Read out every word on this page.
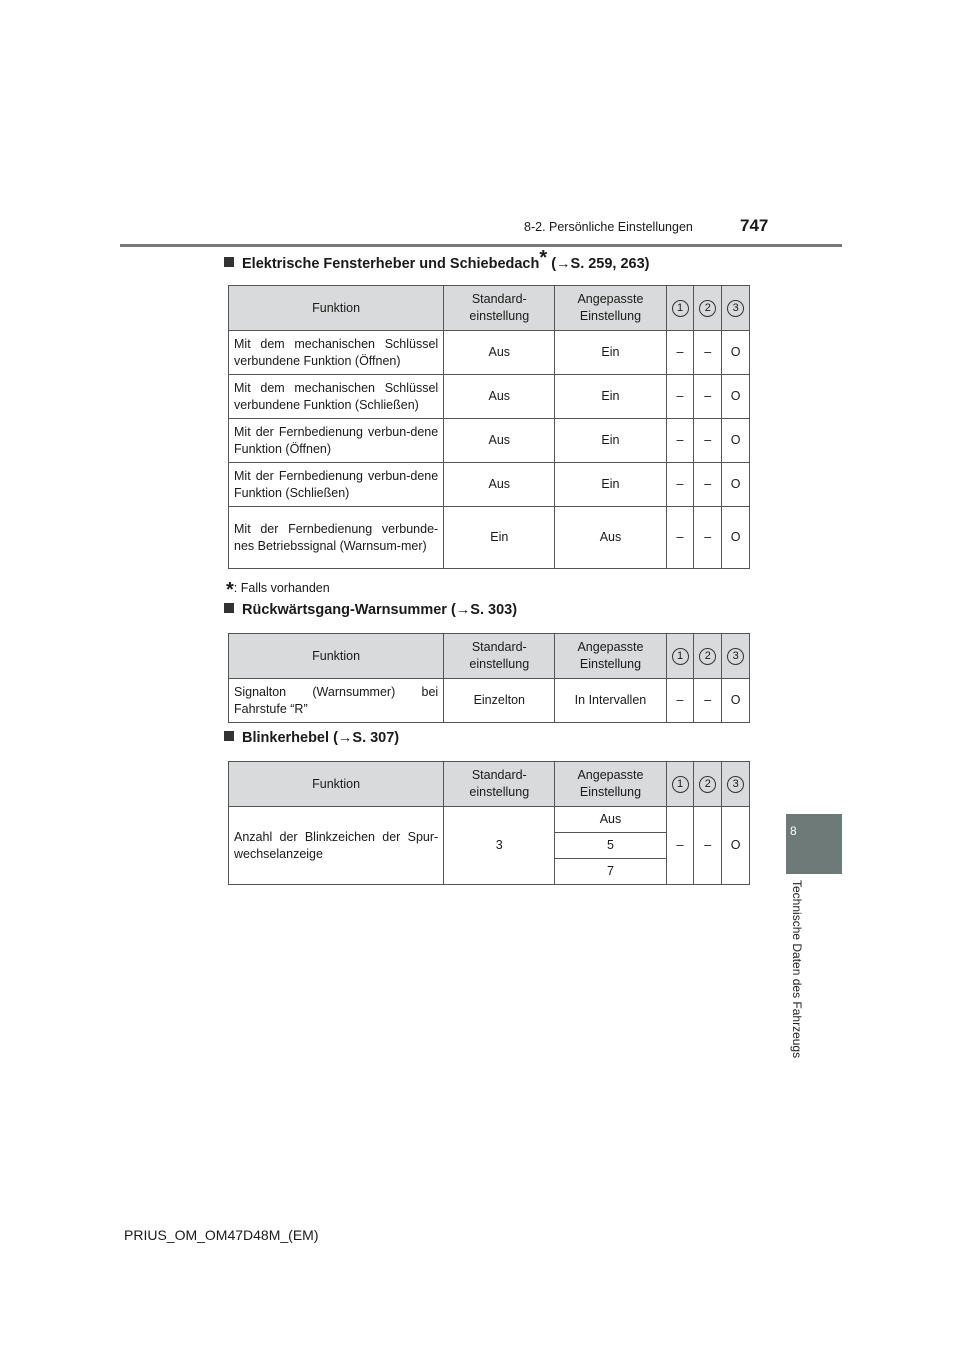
8-2. Persönliche Einstellungen	747
8
Technische Daten des Fahrzeugs
Elektrische Fensterheber und Schiebedach* (→S. 259, 263)
Funktion	Standard-einstellung	Angepasste Einstellung	1	2	3
Mit dem mechanischen Schlüssel verbundene Funktion (Öffnen)	Aus	Ein	–	–	O
Mit dem mechanischen Schlüssel verbundene Funktion (Schließen)	Aus	Ein	–	–	O
Mit der Fernbedienung verbun-dene Funktion (Öffnen)	Aus	Ein	–	–	O
Mit der Fernbedienung verbun-dene Funktion (Schließen)	Aus	Ein	–	–	O
Mit der Fernbedienung verbunde-nes Betriebssignal (Warnsum-mer)	Ein	Aus	–	–	O
*: Falls vorhanden
Rückwärtsgang-Warnsummer (→S. 303)
Funktion	Standard-einstellung	Angepasste Einstellung	1	2	3
Signalton (Warnsummer) bei Fahrstufe “R”	Einzelton	In Intervallen	–	–	O
Blinkerhebel (→S. 307)
Funktion	Standard-einstellung	Angepasste Einstellung	1	2	3
Anzahl der Blinkzeichen der Spur-wechselanzeige	3	Aus	–	–	O
		5			
		7			
PRIUS_OM_OM47D48M_(EM)
